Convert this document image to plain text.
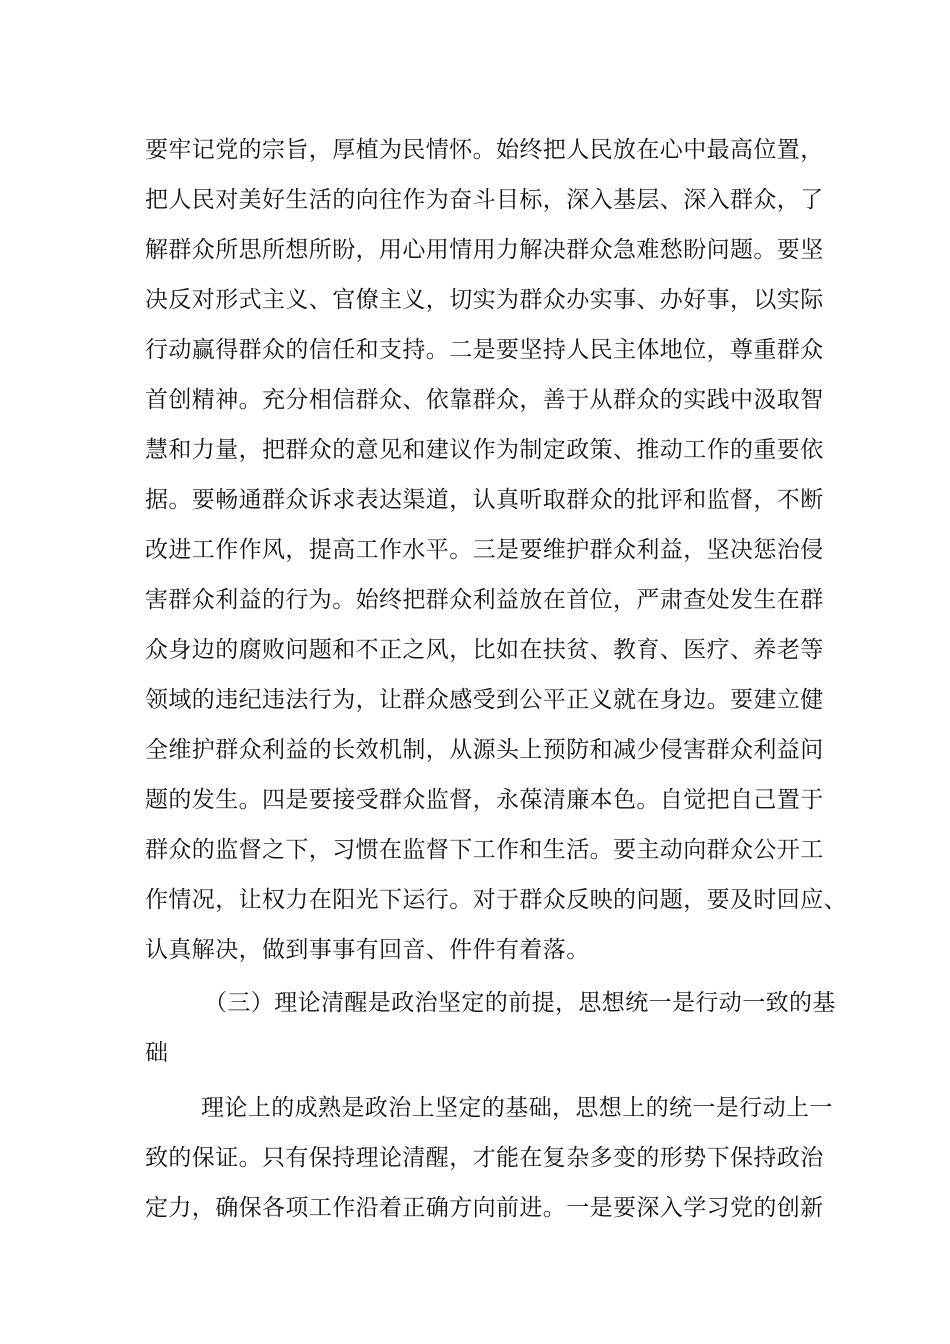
要牢记党的宗旨，厚植为民情怀。始终把人民放在心中最高位置，
把人民对美好生活的向往作为奋斗目标，深入基层、深入群众，了
解群众所思所想所盼，用心用情用力解决群众急难愁盼问题。要坚
决反对形式主义、官僚主义，切实为群众办实事、办好事，以实际
行动赢得群众的信任和支持。二是要坚持人民主体地位，尊重群众
首创精神。充分相信群众、依靠群众，善于从群众的实践中汲取智
慧和力量，把群众的意见和建议作为制定政策、推动工作的重要依
据。要畅通群众诉求表达渠道，认真听取群众的批评和监督，不断
改进工作作风，提高工作水平。三是要维护群众利益，坚决惩治侵
害群众利益的行为。始终把群众利益放在首位，严肃查处发生在群
众身边的腐败问题和不正之风，比如在扶贫、教育、医疗、养老等
领域的违纪违法行为，让群众感受到公平正义就在身边。要建立健
全维护群众利益的长效机制，从源头上预防和减少侵害群众利益问
题的发生。四是要接受群众监督，永葆清廉本色。自觉把自己置于
群众的监督之下，习惯在监督下工作和生活。要主动向群众公开工
作情况，让权力在阳光下运行。对于群众反映的问题，要及时回应、
认真解决，做到事事有回音、件件有着落。
（三）理论清醒是政治坚定的前提，思想统一是行动一致的基
础
理论上的成熟是政治上坚定的基础，思想上的统一是行动上一
致的保证。只有保持理论清醒，才能在复杂多变的形势下保持政治
定力，确保各项工作沿着正确方向前进。一是要深入学习党的创新
